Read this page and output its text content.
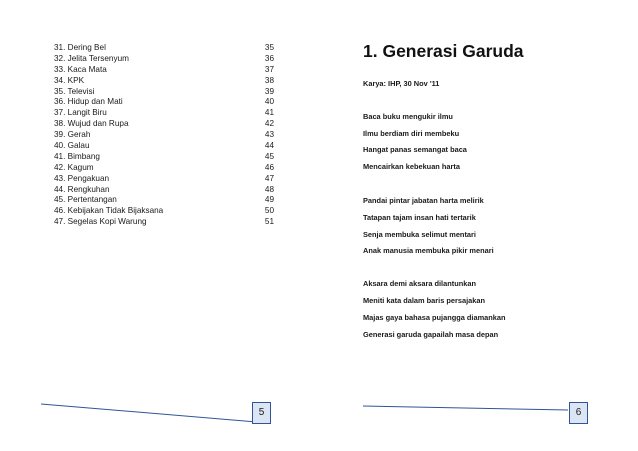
31. Dering Bel	35
32. Jelita Tersenyum	36
33. Kaca Mata	37
34. KPK	38
35. Televisi	39
36. Hidup dan Mati	40
37. Langit Biru	41
38. Wujud dan Rupa	42
39. Gerah	43
40. Galau	44
41. Bimbang	45
42. Kagum	46
43. Pengakuan	47
44. Rengkuhan	48
45. Pertentangan	49
46. Kebijakan Tidak Bijaksana	50
47. Segelas Kopi Warung	51
1. Generasi Garuda
Karya: IHP, 30 Nov '11
Baca buku mengukir ilmu
Ilmu berdiam diri membeku
Hangat panas semangat baca
Mencairkan kebekuan harta
Pandai pintar jabatan harta melirik
Tatapan tajam insan hati tertarik
Senja membuka selimut mentari
Anak manusia membuka pikir menari
Aksara demi aksara dilantunkan
Meniti kata dalam baris persajakan
Majas gaya bahasa pujangga diamankan
Generasi garuda gapailah masa depan
5	6
